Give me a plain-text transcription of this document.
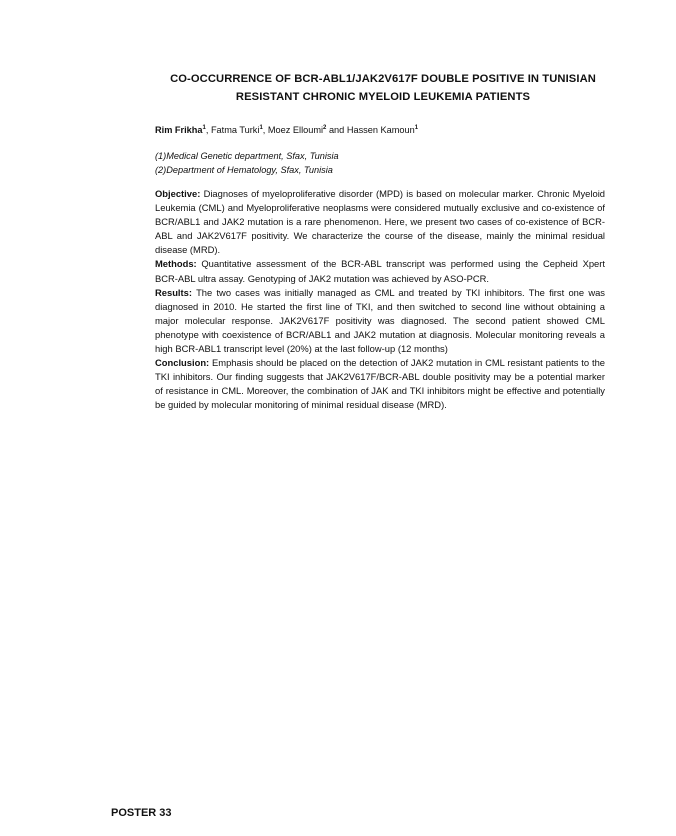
CO-OCCURRENCE OF BCR-ABL1/JAK2V617F DOUBLE POSITIVE IN TUNISIAN RESISTANT CHRONIC MYELOID LEUKEMIA PATIENTS
Rim Frikha$^1$, Fatma Turki$^1$, Moez Elloumi$^2$ and Hassen Kamoun$^1$
(1)Medical Genetic department, Sfax, Tunisia
(2)Department of Hematology, Sfax, Tunisia

Objective: Diagnoses of myeloproliferative disorder (MPD) is based on molecular marker. Chronic Myeloid Leukemia (CML) and Myeloproliferative neoplasms were considered mutually exclusive and co-existence of BCR/ABL1 and JAK2 mutation is a rare phenomenon. Here, we present two cases of co-existence of BCR-ABL and JAK2V617F positivity. We characterize the course of the disease, mainly the minimal residual disease (MRD).

Methods: Quantitative assessment of the BCR-ABL transcript was performed using the Cepheid Xpert BCR-ABL ultra assay. Genotyping of JAK2 mutation was achieved by ASO-PCR.

Results: The two cases was initially managed as CML and treated by TKI inhibitors. The first one was diagnosed in 2010. He started the first line of TKI, and then switched to second line without obtaining a major molecular response. JAK2V617F positivity was diagnosed. The second patient showed CML phenotype with coexistence of BCR/ABL1 and JAK2 mutation at diagnosis. Molecular monitoring reveals a high BCR-ABL1 transcript level (20%) at the last follow-up (12 months)

Conclusion: Emphasis should be placed on the detection of JAK2 mutation in CML resistant patients to the TKI inhibitors. Our finding suggests that JAK2V617F/BCR-ABL double positivity may be a potential marker of resistance in CML. Moreover, the combination of JAK and TKI inhibitors might be effective and potentially be guided by molecular monitoring of minimal residual disease (MRD).

POSTER 33
